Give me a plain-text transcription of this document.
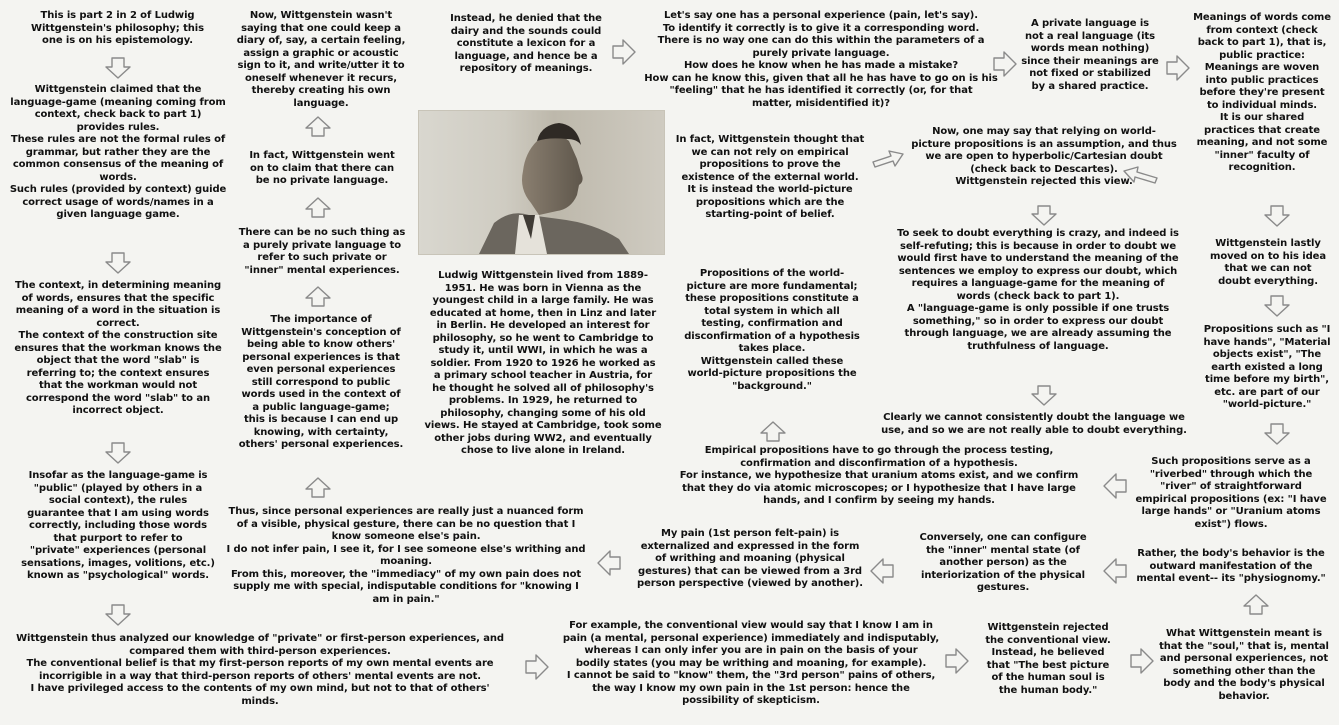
This is part 2 in 2 of Ludwig
Wittgenstein's philosophy; this
one is on his epistemology.

Wittgenstein claimed that the
language-game (meaning coming from
context, check back to part 1)
provides rules.
These rules are not the formal rules of
grammar, but rather they are the
common consensus of the meaning of
words.
Such rules (provided by context) guide
correct usage of words/names in a
given language game.

The context, in determining meaning
of words, ensures that the specific
meaning of a word in the situation is
correct.
The context of the construction site
ensures that the workman knows the
object that the word "slab" is
referring to; the context ensures
that the workman would not
correspond the word "slab" to an
incorrect object.

Insofar as the language-game is
"public" (played by others in a
social context), the rules
guarantee that I am using words
correctly, including those words
that purport to refer to
"private" experiences (personal
sensations, images, volitions, etc.)
known as "psychological" words.

Wittgenstein thus analyzed our knowledge of "private" or first-person experiences, and
compared them with third-person experiences.
The conventional belief is that my first-person reports of my own mental events are
incorrigible in a way that third-person reports of others' mental events are not.
I have privileged access to the contents of my own mind, but not to that of others'
minds.

Now, Wittgenstein wasn't
saying that one could keep a
diary of, say, a certain feeling,
assign a graphic or acoustic
sign to it, and write/utter it to
oneself whenever it recurs,
thereby creating his own
language.

In fact, Wittgenstein went
on to claim that there can
be no private language.

There can be no such thing as
a purely private language to
refer to such private or
"inner" mental experiences.

The importance of
Wittgenstein's conception of
being able to know others'
personal experiences is that
even personal experiences
still correspond to public
words used in the context of
a public language-game;
this is because I can end up
knowing, with certainty,
others' personal experiences.

Thus, since personal experiences are really just a nuanced form
of a visible, physical gesture, there can be no question that I
know someone else's pain.
I do not infer pain, I see it, for I see someone else's writhing and
moaning.
From this, moreover, the "immediacy" of my own pain does not
supply me with special, indisputable conditions for "knowing I
am in pain."

Instead, he denied that the
dairy and the sounds could
constitute a lexicon for a
language, and hence be a
repository of meanings.

Ludwig Wittgenstein lived from 1889-
1951. He was born in Vienna as the
youngest child in a large family. He was
educated at home, then in Linz and later
in Berlin. He developed an interest for
philosophy, so he went to Cambridge to
study it, until WWI, in which he was a
soldier. From 1920 to 1926 he worked as
a primary school teacher in Austria, for
he thought he solved all of philosophy's
problems. In 1929, he returned to
philosophy, changing some of his old
views. He stayed at Cambridge, took some
other jobs during WW2, and eventually
chose to live alone in Ireland.

Let's say one has a personal experience (pain, let's say).
To identify it correctly is to give it a corresponding word.
There is no way one can do this within the parameters of a
purely private language.
How does he know when he has made a mistake?
How can he know this, given that all he has have to go on is his
"feeling" that he has identified it correctly (or, for that
matter, misidentified it)?

In fact, Wittgenstein thought that
we can not rely on empirical
propositions to prove the
existence of the external world.
It is instead the world-picture
propositions which are the
starting-point of belief.

Propositions of the world-
picture are more fundamental;
these propositions constitute a
total system in which all
testing, confirmation and
disconfirmation of a hypothesis
takes place.
Wittgenstein called these
world-picture propositions the
"background."

Empirical propositions have to go through the process testing,
confirmation and disconfirmation of a hypothesis.
For instance, we hypothesize that uranium atoms exist, and we confirm
that they do via atomic microscopes; or I hypothesize that I have large
hands, and I confirm by seeing my hands.

My pain (1st person felt-pain) is
externalized and expressed in the form
of writhing and moaning (physical
gestures) that can be viewed from a 3rd
person perspective (viewed by another).

For example, the conventional view would say that I know I am in
pain (a mental, personal experience) immediately and indisputably,
whereas I can only infer you are in pain on the basis of your
bodily states (you may be writhing and moaning, for example).
I cannot be said to "know" them, the "3rd person" pains of others,
the way I know my own pain in the 1st person: hence the
possibility of skepticism.

A private language is
not a real language (its
words mean nothing)
since their meanings are
not fixed or stabilized
by a shared practice.

Now, one may say that relying on world-
picture propositions is an assumption, and thus
we are open to hyperbolic/Cartesian doubt
(check back to Descartes).
Wittgenstein rejected this view.

To seek to doubt everything is crazy, and indeed is
self-refuting; this is because in order to doubt we
would first have to understand the meaning of the
sentences we employ to express our doubt, which
requires a language-game for the meaning of
words (check back to part 1).
A "language-game is only possible if one trusts
something," so in order to express our doubt
through language, we are already assuming the
truthfulness of language.

Clearly we cannot consistently doubt the language we
use, and so we are not really able to doubt everything.

Conversely, one can configure
the "inner" mental state (of
another person) as the
interiorization of the physical
gestures.

Wittgenstein rejected
the conventional view.
Instead, he believed
that "The best picture
of the human soul is
the human body."

Meanings of words come
from context (check
back to part 1), that is,
public practice:
Meanings are woven
into public practices
before they're present
to individual minds.
It is our shared
practices that create
meaning, and not some
"inner" faculty of
recognition.

Wittgenstein lastly
moved on to his idea
that we can not
doubt everything.

Propositions such as "I
have hands", "Material
objects exist", "The
earth existed a long
time before my birth",
etc. are part of our
"world-picture."

Such propositions serve as a
"riverbed" through which the
"river" of straightforward
empirical propositions (ex: "I have
large hands" or "Uranium atoms
exist") flows.

Rather, the body's behavior is the
outward manifestation of the
mental event-- its "physiognomy."

What Wittgenstein meant is
that the "soul," that is, mental
and personal experiences, not
something other than the
body and the body's physical
behavior.
